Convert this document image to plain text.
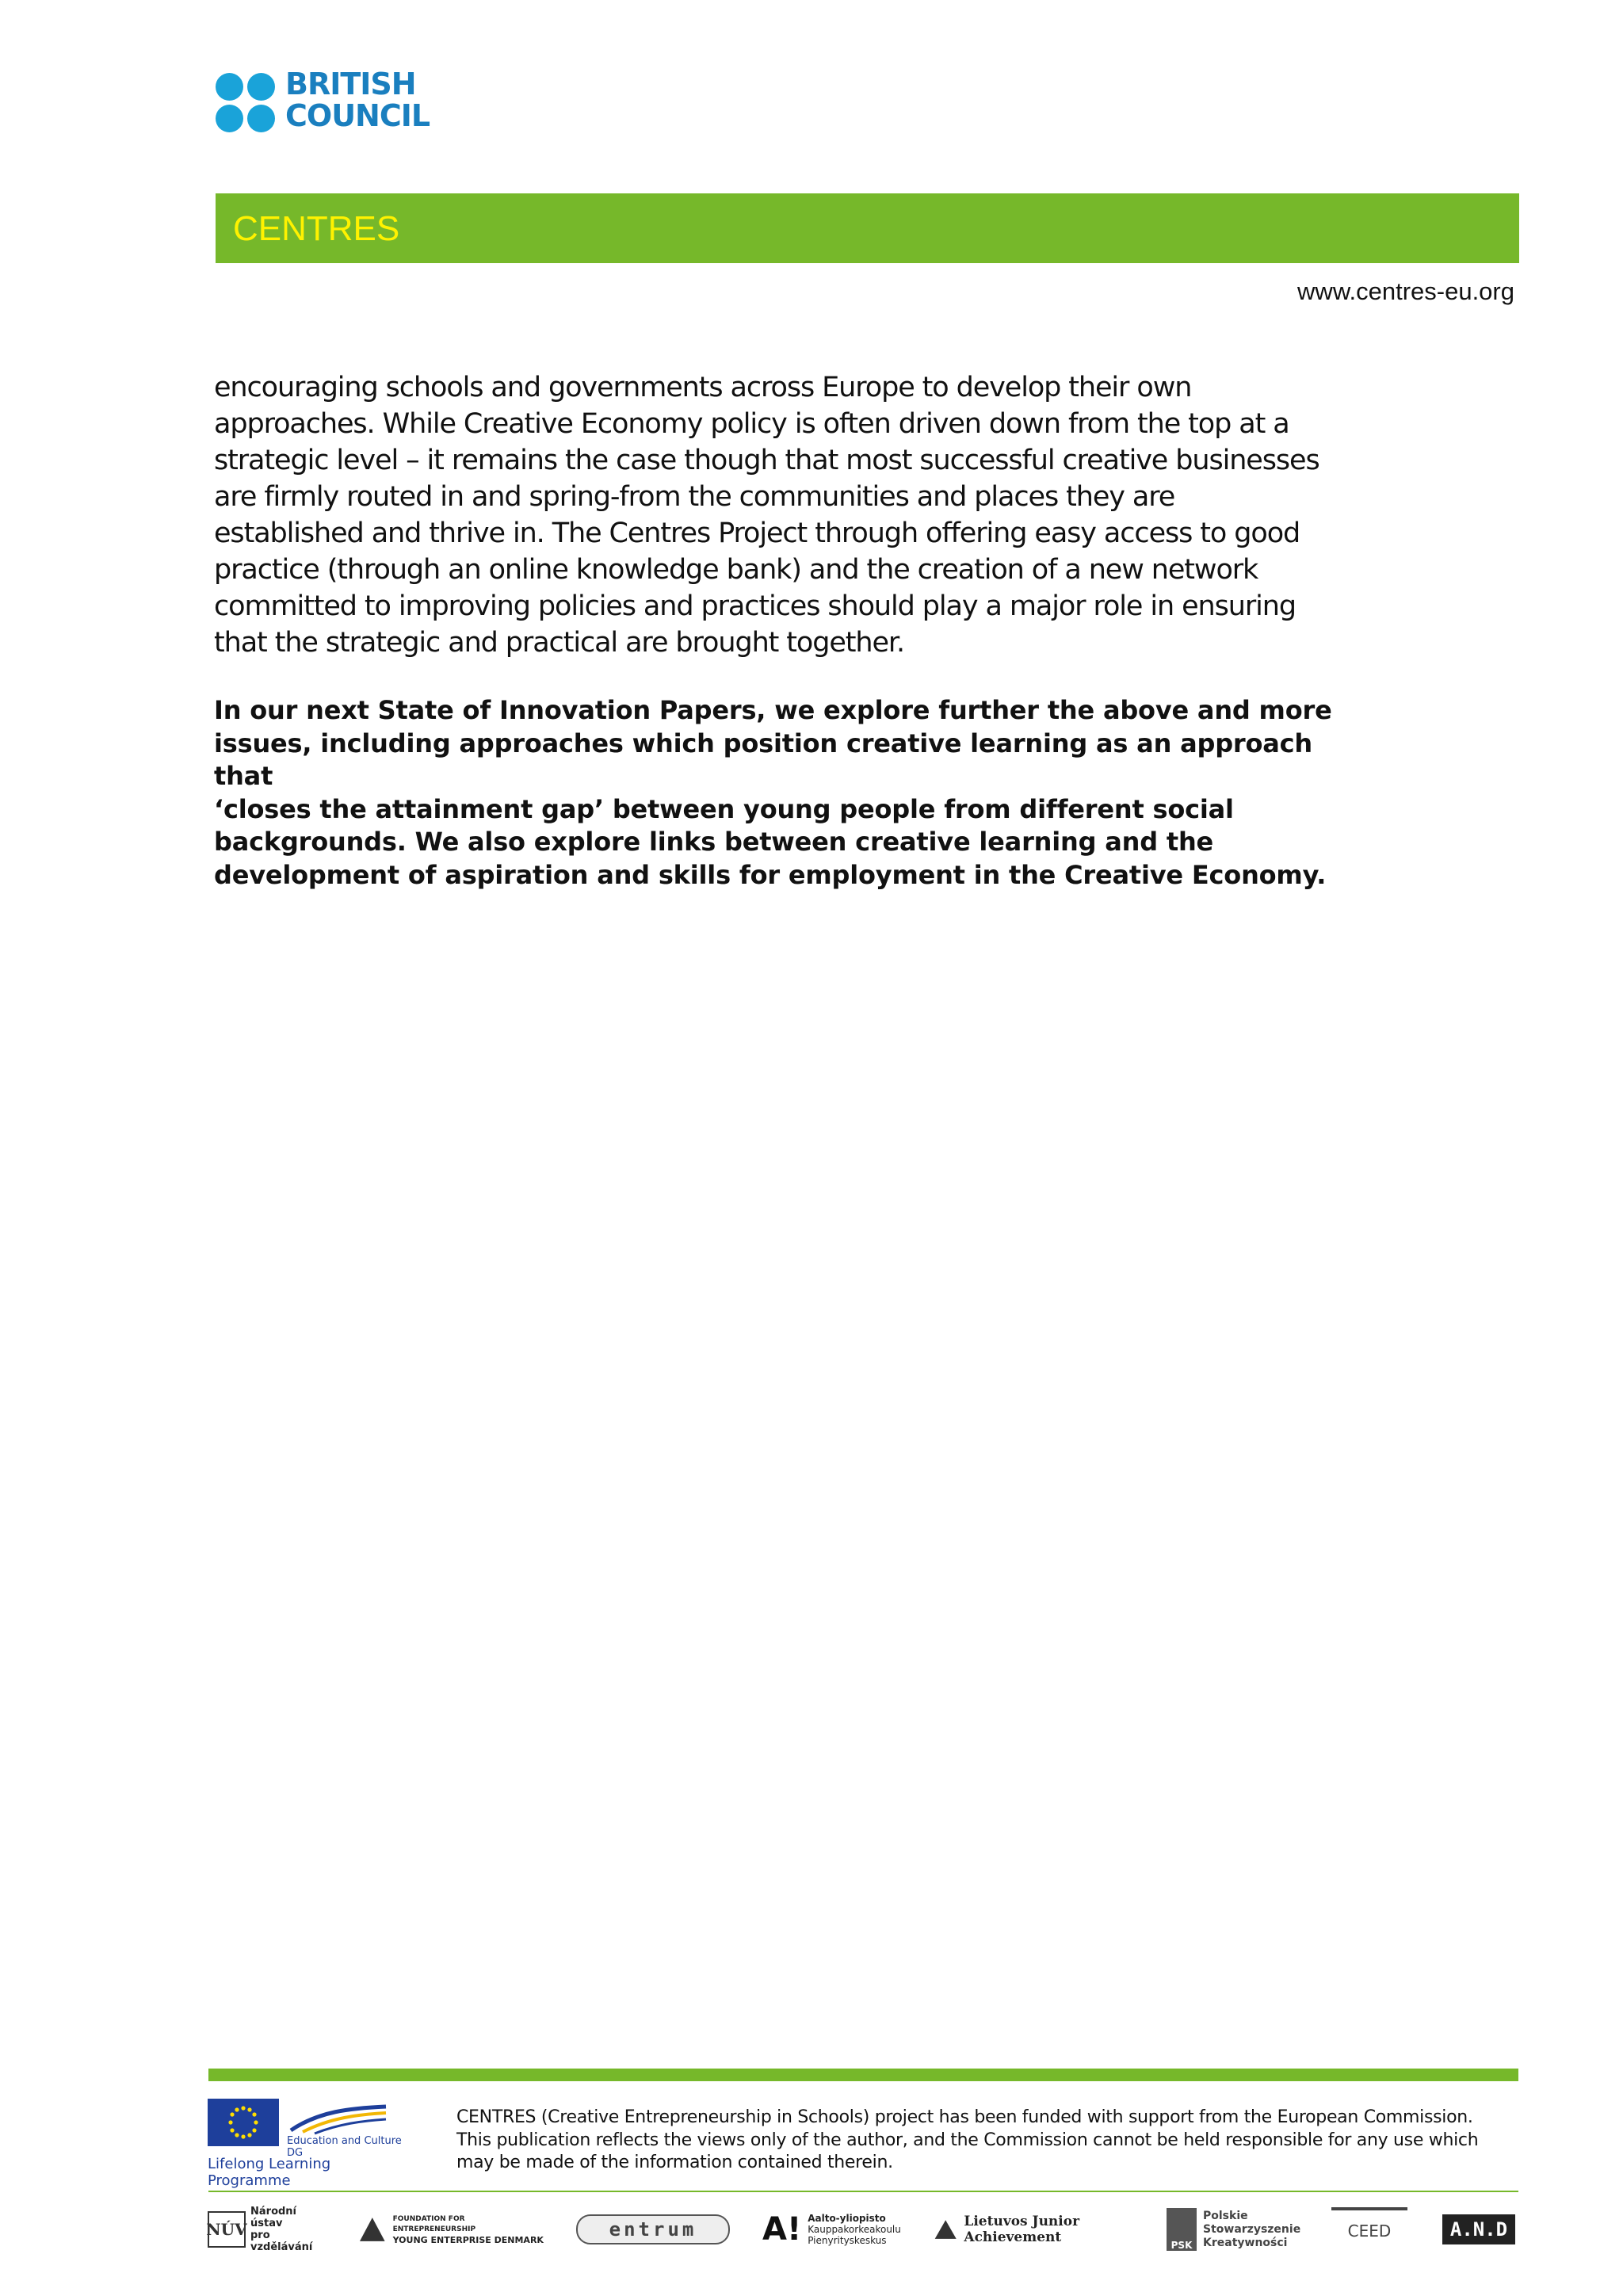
BRITISH
COUNCIL
CENTRES
www.centres-eu.org
encouraging schools and governments across Europe to develop their own
approaches. While Creative Economy policy is often driven down from the top at a
strategic level – it remains the case though that most successful creative businesses
are firmly routed in and spring-from the communities and places they are
established and thrive in. The Centres Project through offering easy access to good
practice (through an online knowledge bank) and the creation of a new network
committed to improving policies and practices should play a major role in ensuring
that the strategic and practical are brought together.
In our next State of Innovation Papers, we explore further the above and more
issues, including approaches which position creative learning as an approach that
‘closes the attainment gap’ between young people from different social
backgrounds. We also explore links between creative learning and the
development of aspiration and skills for employment in the Creative Economy.
Education and Culture DG
Lifelong Learning Programme
CENTRES (Creative Entrepreneurship in Schools) project has been funded with support from the European Commission.
This publication reflects the views only of the author, and the Commission cannot be held responsible for any use which
may be made of the information contained therein.
NÚV
Národní ústav
pro vzdělávání
FOUNDATION FOR ENTREPRENEURSHIP
YOUNG ENTERPRISE DENMARK	entrum A! Aalto-yliopisto
Kauppakorkeakoulu
Pienyrityskeskus
Lietuvos Junior Achievement	PSK
Polskie
Stowarzyszenie
Kreatywności
CEED	A.N.D
